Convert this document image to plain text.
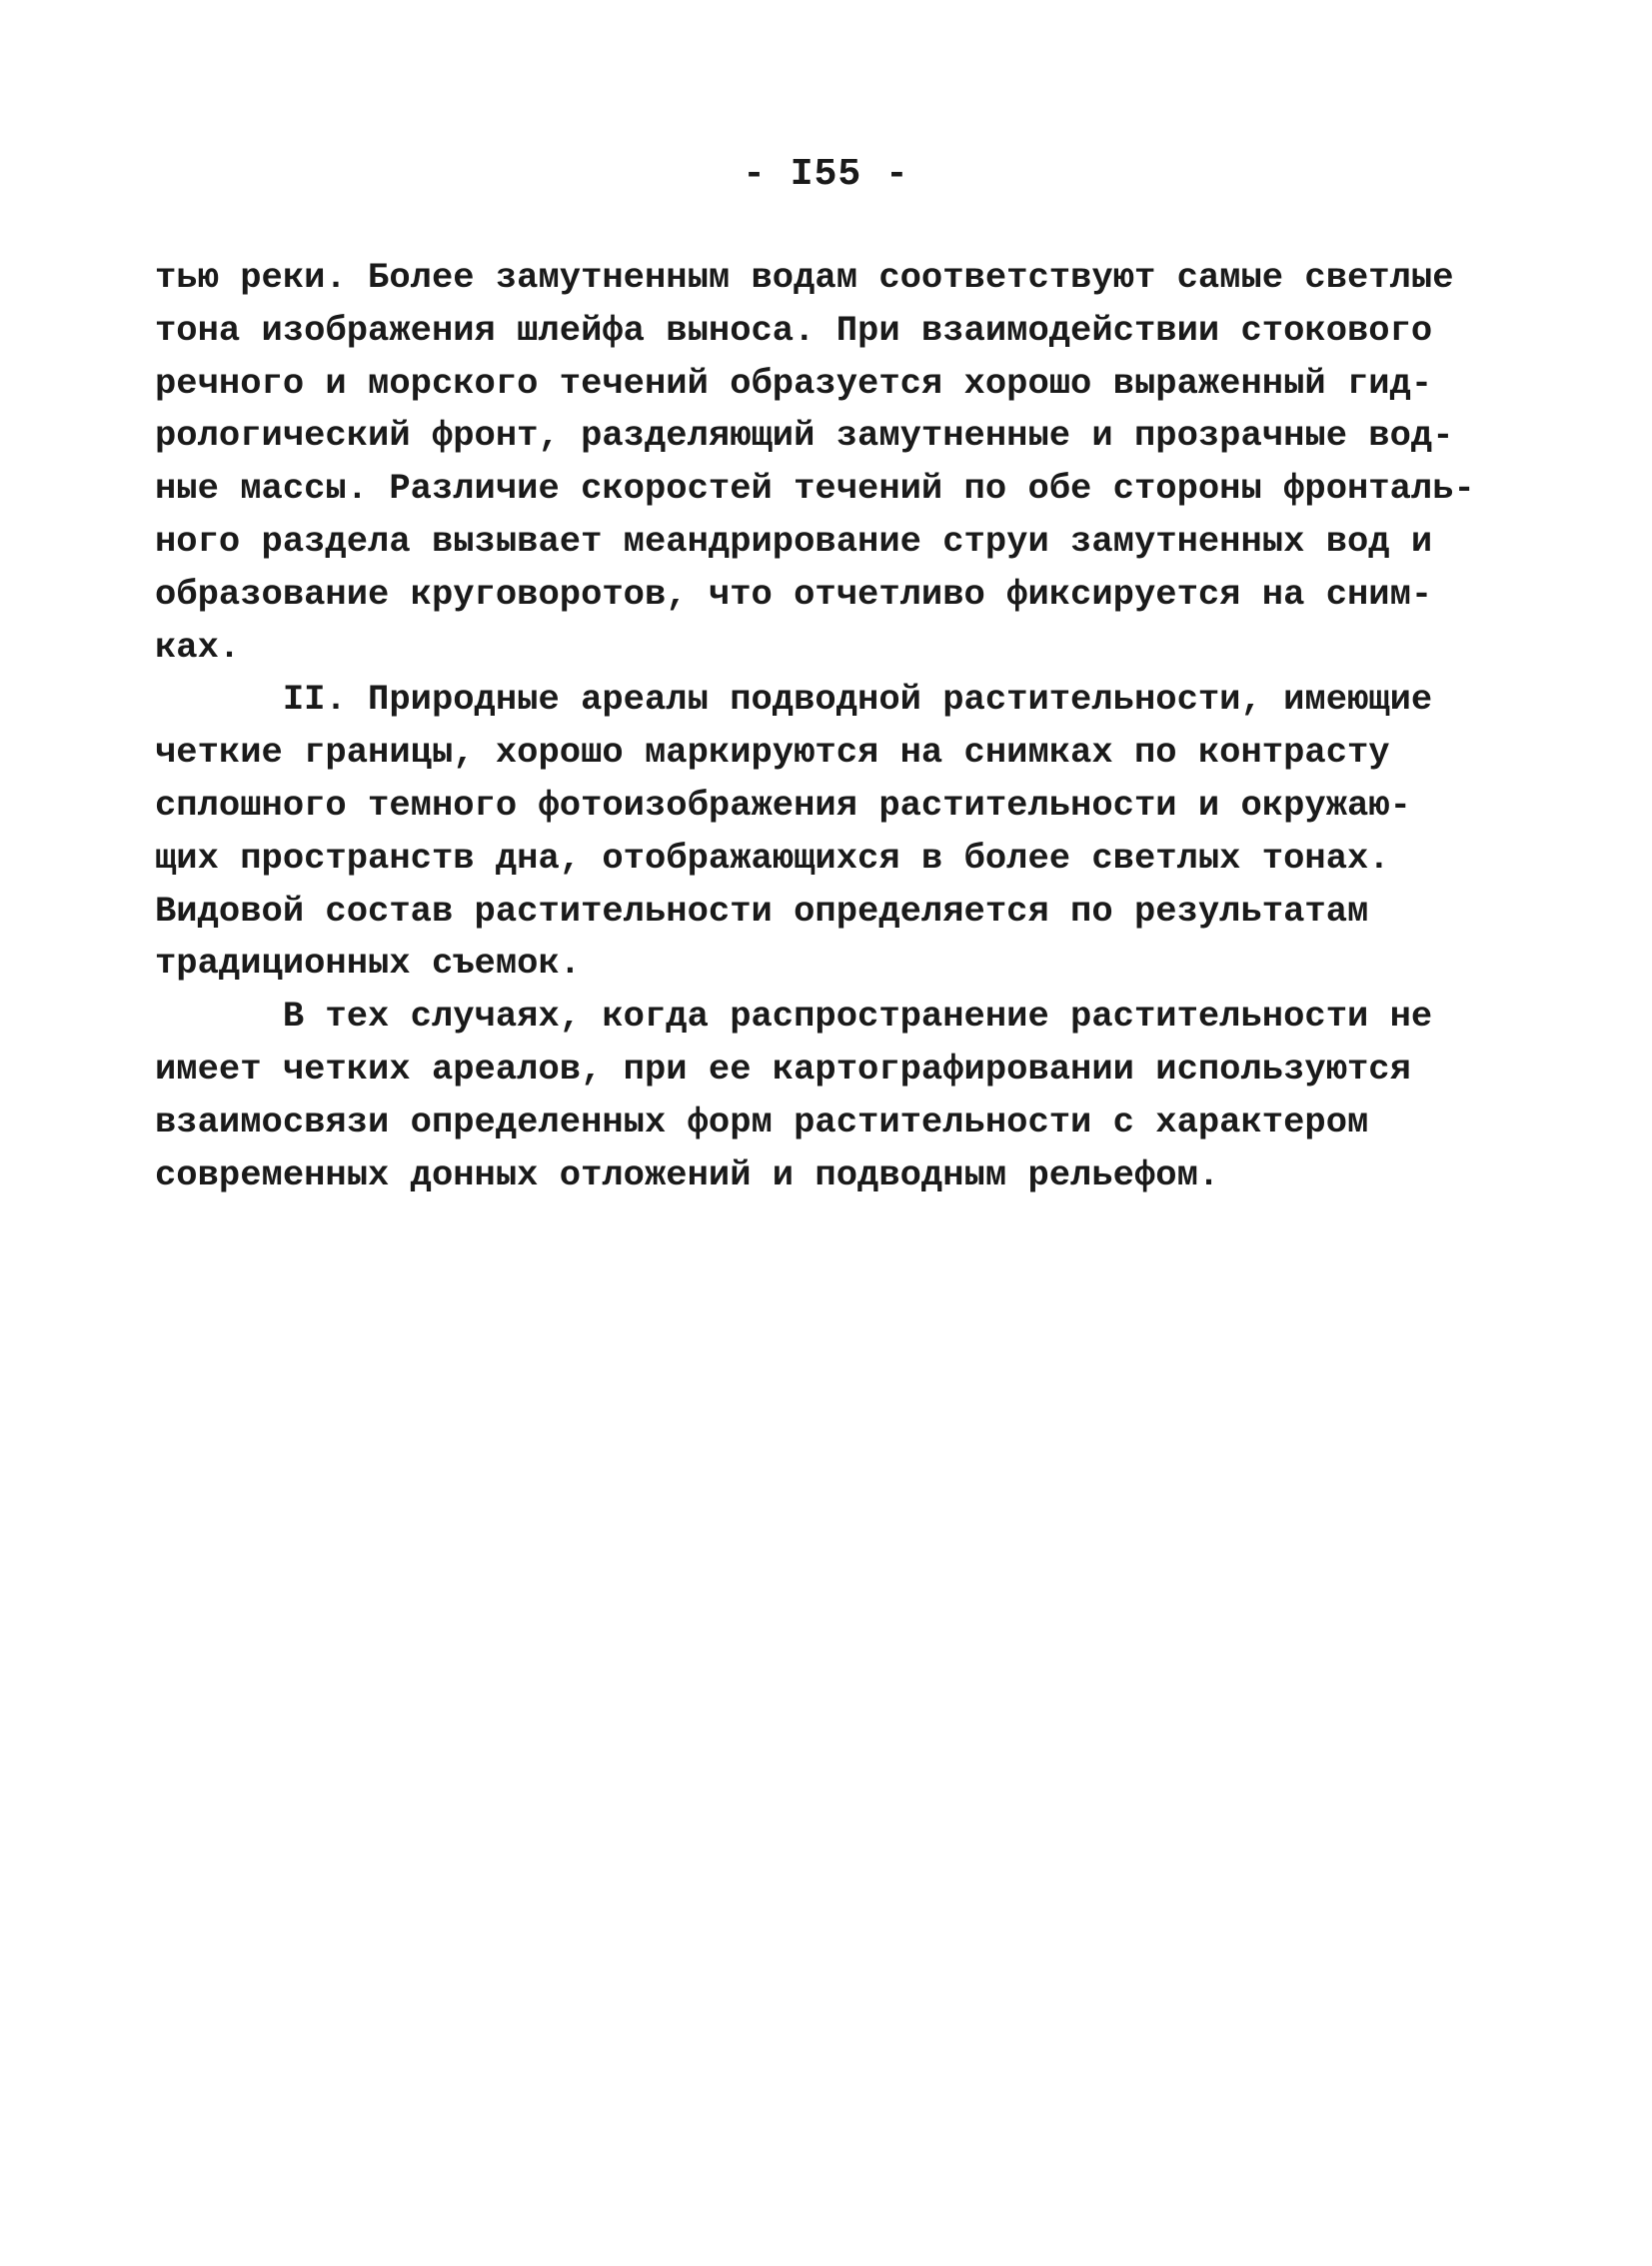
- I55 -
тью реки. Более замутненным водам соответствуют самые светлые
тона изображения шлейфа выноса. При взаимодействии стокового
речного и морского течений образуется хорошо выраженный гид-
рологический фронт, разделяющий замутненные и прозрачные вод-
ные массы. Различие скоростей течений по обе стороны фронталь-
ного раздела вызывает меандрирование струи замутненных вод и
образование круговоротов, что отчетливо фиксируется на сним-
ках.
II. Природные ареалы подводной растительности, имеющие
четкие границы, хорошо маркируются на снимках по контрасту
сплошного темного фотоизображения растительности и окружаю-
щих пространств дна, отображающихся в более светлых тонах.
Видовой состав растительности определяется по результатам
традиционных съемок.
В тех случаях, когда распространение растительности не
имеет четких ареалов, при ее картографировании используются
взаимосвязи определенных форм растительности с характером
современных донных отложений и подводным рельефом.
